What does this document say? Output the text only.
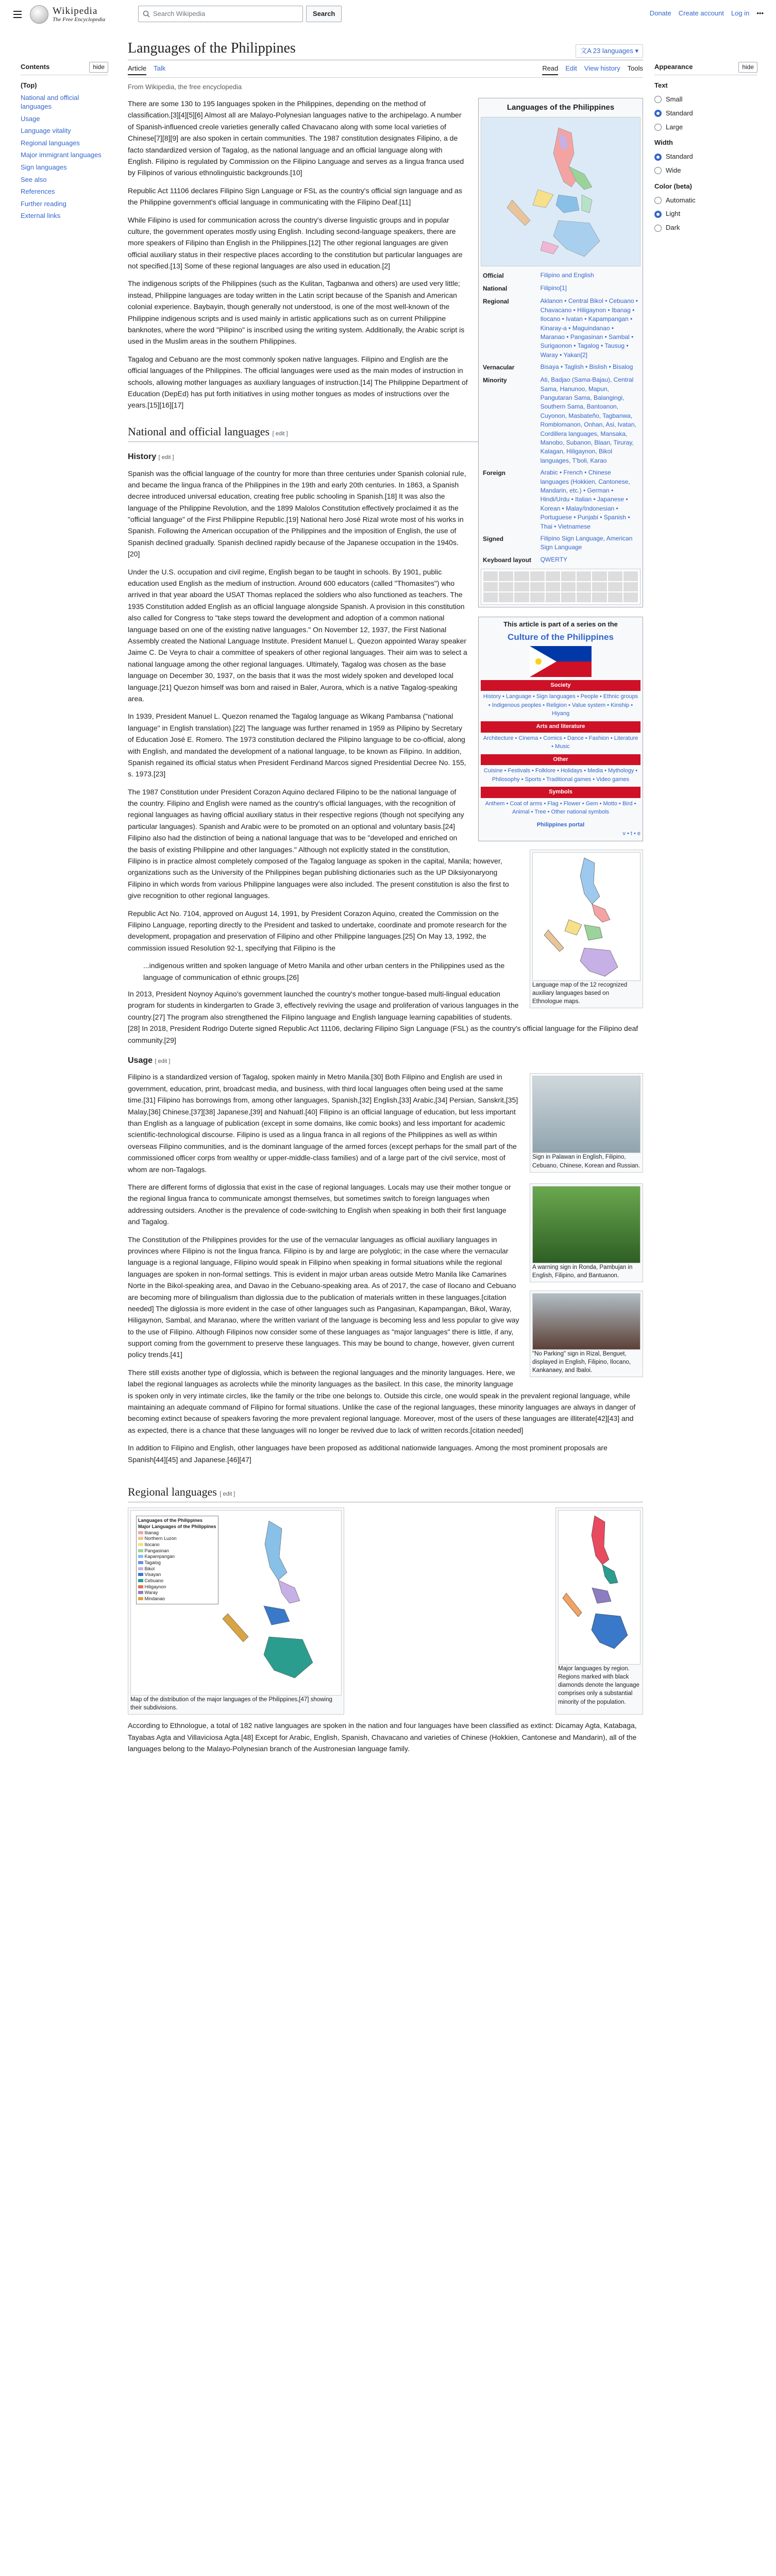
Wikipedia
The Free Encyclopedia
Search Wikipedia	Search	Donate Create account Log in •••
Contents	hide
(Top)
National and official languages
Usage
Language vitality
Regional languages
Major immigrant languages
Sign languages
See also
References
Further reading
External links
Appearance	hide
Text
Small
Standard
Large
Width
Standard
Wide
Color (beta)
Automatic
Light
Dark
Languages of the Philippines	文A 23 languages ▾
Article Talk	Read Edit View history Tools
From Wikipedia, the free encyclopedia
Languages of the Philippines
Official	Filipino and English
National	Filipino[1]
Regional	Aklanon • Central Bikol • Cebuano • Chavacano • Hiligaynon • Ibanag • Ilocano • Ivatan • Kapampangan • Kinaray-a • Maguindanao • Maranao • Pangasinan • Sambal • Surigaonon • Tagalog • Tausug • Waray • Yakan[2]
Vernacular	Bisaya • Taglish • Bislish • Bisalog
Minority	Ati, Badjao (Sama-Bajau), Central Sama, Hanunoo, Mapun, Pangutaran Sama, Balangingi, Southern Sama, Bantoanon, Cuyonon, Masbateño, Tagbanwa, Romblomanon, Onhan, Asi, Ivatan, Cordillera languages, Mansaka, Manobo, Subanon, Blaan, Tiruray, Kalagan, Hiligaynon, Bikol languages, T'boli, Karao
Foreign	Arabic • French • Chinese languages (Hokkien, Cantonese, Mandarin, etc.) • German • Hindi/Urdu • Italian • Japanese • Korean • Malay/Indonesian • Portuguese • Punjabi • Spanish • Thai • Vietnamese
Signed	Filipino Sign Language, American Sign Language
Keyboard layout	QWERTY

There are some 130 to 195 languages spoken in the Philippines, depending on the method of classification.[3][4][5][6] Almost all are Malayo-Polynesian languages native to the archipelago. A number of Spanish-influenced creole varieties generally called Chavacano along with some local varieties of Chinese[7][8][9] are also spoken in certain communities. The 1987 constitution designates Filipino, a de facto standardized version of Tagalog, as the national language and an official language along with English. Filipino is regulated by Commission on the Filipino Language and serves as a lingua franca used by Filipinos of various ethnolinguistic backgrounds.[10]

Republic Act 11106 declares Filipino Sign Language or FSL as the country's official sign language and as the Philippine government's official language in communicating with the Filipino Deaf.[11]

While Filipino is used for communication across the country's diverse linguistic groups and in popular culture, the government operates mostly using English. Including second-language speakers, there are more speakers of Filipino than English in the Philippines.[12] The other regional languages are given official auxiliary status in their respective places according to the constitution but particular languages are not specified.[13] Some of these regional languages are also used in education.[2]

The indigenous scripts of the Philippines (such as the Kulitan, Tagbanwa and others) are used very little; instead, Philippine languages are today written in the Latin script because of the Spanish and American colonial experience. Baybayin, though generally not understood, is one of the most well-known of the Philippine indigenous scripts and is used mainly in artistic applications such as on current Philippine banknotes, where the word "Pilipino" is inscribed using the writing system. Additionally, the Arabic script is used in the Muslim areas in the southern Philippines.

Tagalog and Cebuano are the most commonly spoken native languages. Filipino and English are the official languages of the Philippines. The official languages were used as the main modes of instruction in schools, allowing mother languages as auxiliary languages of instruction.[14] The Philippine Department of Education (DepEd) has put forth initiatives in using mother tongues as modes of instructions over the years.[15][16][17]

National and official languages [ edit ]
This article is part of a series on the
Culture of the Philippines
Society
History • Language • Sign languages • People • Ethnic groups • Indigenous peoples • Religion • Value system • Kinship • Hiyang
Arts and literature
Architecture • Cinema • Comics • Dance • Fashion • Literature • Music
Other
Cuisine • Festivals • Folklore • Holidays • Media • Mythology • Philosophy • Sports • Traditional games • Video games
Symbols
Anthem • Coat of arms • Flag • Flower • Gem • Motto • Bird • Animal • Tree • Other national symbols
Philippines portal
v • t • e
History [ edit ]

Spanish was the official language of the country for more than three centuries under Spanish colonial rule, and became the lingua franca of the Philippines in the 19th and early 20th centuries. In 1863, a Spanish decree introduced universal education, creating free public schooling in Spanish.[18] It was also the language of the Philippine Revolution, and the 1899 Malolos Constitution effectively proclaimed it as the "official language" of the First Philippine Republic.[19] National hero José Rizal wrote most of his works in Spanish. Following the American occupation of the Philippines and the imposition of English, the use of Spanish declined gradually. Spanish declined rapidly because of the Japanese occupation in the 1940s.[20]

Language map of the 12 recognized auxiliary languages based on Ethnologue maps.

Under the U.S. occupation and civil regime, English began to be taught in schools. By 1901, public education used English as the medium of instruction. Around 600 educators (called "Thomasites") who arrived in that year aboard the USAT Thomas replaced the soldiers who also functioned as teachers. The 1935 Constitution added English as an official language alongside Spanish. A provision in this constitution also called for Congress to "take steps toward the development and adoption of a common national language based on one of the existing native languages." On November 12, 1937, the First National Assembly created the National Language Institute. President Manuel L. Quezon appointed Waray speaker Jaime C. De Veyra to chair a committee of speakers of other regional languages. Their aim was to select a national language among the other regional languages. Ultimately, Tagalog was chosen as the base language on December 30, 1937, on the basis that it was the most widely spoken and developed local language.[21] Quezon himself was born and raised in Baler, Aurora, which is a native Tagalog-speaking area.

In 1939, President Manuel L. Quezon renamed the Tagalog language as Wikang Pambansa ("national language" in English translation).[22] The language was further renamed in 1959 as Pilipino by Secretary of Education José E. Romero. The 1973 constitution declared the Pilipino language to be co-official, along with English, and mandated the development of a national language, to be known as Filipino. In addition, Spanish regained its official status when President Ferdinand Marcos signed Presidential Decree No. 155, s. 1973.[23]

The 1987 Constitution under President Corazon Aquino declared Filipino to be the national language of the country. Filipino and English were named as the country's official languages, with the recognition of regional languages as having official auxiliary status in their respective regions (though not specifying any particular languages). Spanish and Arabic were to be promoted on an optional and voluntary basis.[24] Filipino also had the distinction of being a national language that was to be "developed and enriched on the basis of existing Philippine and other languages." Although not explicitly stated in the constitution, Filipino is in practice almost completely composed of the Tagalog language as spoken in the capital, Manila; however, organizations such as the University of the Philippines began publishing dictionaries such as the UP Diksiyonaryong Filipino in which words from various Philippine languages were also included. The present constitution is also the first to give recognition to other regional languages.

Republic Act No. 7104, approved on August 14, 1991, by President Corazon Aquino, created the Commission on the Filipino Language, reporting directly to the President and tasked to undertake, coordinate and promote research for the development, propagation and preservation of Filipino and other Philippine languages.[25] On May 13, 1992, the commission issued Resolution 92-1, specifying that Filipino is the

...indigenous written and spoken language of Metro Manila and other urban centers in the Philippines used as the language of communication of ethnic groups.[26]

In 2013, President Noynoy Aquino's government launched the country's mother tongue-based multi-lingual education program for students in kindergarten to Grade 3, effectively reviving the usage and proliferation of various languages in the country.[27] The program also strengthened the Filipino language and English language learning capabilities of students.[28] In 2018, President Rodrigo Duterte signed Republic Act 11106, declaring Filipino Sign Language (FSL) as the country's official language for the Filipino deaf community.[29]

Usage [ edit ]
Sign in Palawan in English, Filipino, Cebuano, Chinese, Korean and Russian.

Filipino is a standardized version of Tagalog, spoken mainly in Metro Manila.[30] Both Filipino and English are used in government, education, print, broadcast media, and business, with third local languages often being used at the same time.[31] Filipino has borrowings from, among other languages, Spanish,[32] English,[33] Arabic,[34] Persian, Sanskrit,[35] Malay,[36] Chinese,[37][38] Japanese,[39] and Nahuatl.[40] Filipino is an official language of education, but less important than English as a language of publication (except in some domains, like comic books) and less important for academic scientific-technological discourse. Filipino is used as a lingua franca in all regions of the Philippines as well as within overseas Filipino communities, and is the dominant language of the armed forces (except perhaps for the small part of the commissioned officer corps from wealthy or upper-middle-class families) and of a large part of the civil service, most of whom are non-Tagalogs.

A warning sign in Ronda, Pambujan in English, Filipino, and Bantuanon.

There are different forms of diglossia that exist in the case of regional languages. Locals may use their mother tongue or the regional lingua franca to communicate amongst themselves, but sometimes switch to foreign languages when addressing outsiders. Another is the prevalence of code-switching to English when speaking in both their first language and Tagalog.

"No Parking" sign in Rizal, Benguet, displayed in English, Filipino, Ilocano, Kankanaey, and Ibaloi.

The Constitution of the Philippines provides for the use of the vernacular languages as official auxiliary languages in provinces where Filipino is not the lingua franca. Filipino is by and large are polyglotic; in the case where the vernacular language is a regional language, Filipino would speak in Filipino when speaking in formal situations while the regional languages are spoken in non-formal settings. This is evident in major urban areas outside Metro Manila like Camarines Norte in the Bikol-speaking area, and Davao in the Cebuano-speaking area. As of 2017, the case of Ilocano and Cebuano are becoming more of bilingualism than diglossia due to the publication of materials written in these languages.[citation needed] The diglossia is more evident in the case of other languages such as Pangasinan, Kapampangan, Bikol, Waray, Hiligaynon, Sambal, and Maranao, where the written variant of the language is becoming less and less popular to give way to the use of Filipino. Although Filipinos now consider some of these languages as "major languages" there is little, if any, support coming from the government to preserve these languages. This may be bound to change, however, given current policy trends.[41]

There still exists another type of diglossia, which is between the regional languages and the minority languages. Here, we label the regional languages as acrolects while the minority languages as the basilect. In this case, the minority language is spoken only in very intimate circles, like the family or the tribe one belongs to. Outside this circle, one would speak in the prevalent regional language, while maintaining an adequate command of Filipino for formal situations. Unlike the case of the regional languages, these minority languages are always in danger of becoming extinct because of speakers favoring the more prevalent regional language. Moreover, most of the users of these languages are illiterate[42][43] and as expected, there is a chance that these languages will no longer be revived due to lack of written records.[citation needed]

In addition to Filipino and English, other languages have been proposed as additional nationwide languages. Among the most prominent proposals are Spanish[44][45] and Japanese.[46][47]

Regional languages [ edit ]
Languages of the Philippines
Major Languages of the Philippines
Ibanag
Northern Luzon
Ilocano
Pangasinan
Kapampangan
Tagalog
Bikol
Visayan
Cebuano
Hiligaynon
Waray
Mindanao
Map of the distribution of the major languages of the Philippines,[47] showing their subdivisions.
Major languages by region. Regions marked with black diamonds denote the language comprises only a substantial minority of the population.

According to Ethnologue, a total of 182 native languages are spoken in the nation and four languages have been classified as extinct: Dicamay Agta, Katabaga, Tayabas Agta and Villaviciosa Agta.[48] Except for Arabic, English, Spanish, Chavacano and varieties of Chinese (Hokkien, Cantonese and Mandarin), all of the languages belong to the Malayo-Polynesian branch of the Austronesian language family.
